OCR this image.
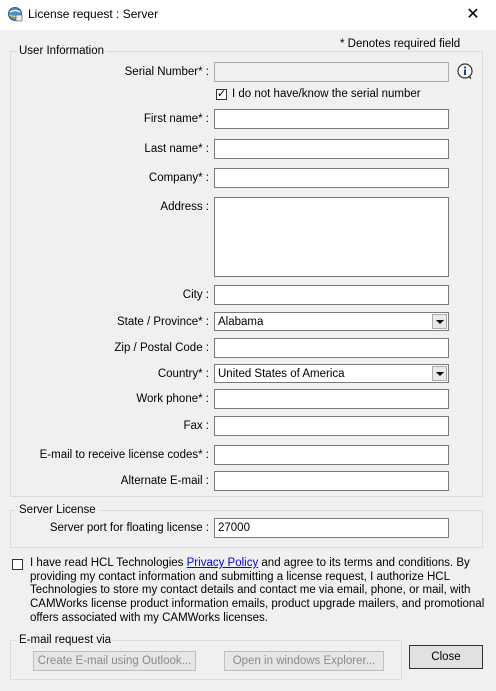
License request : Server	✕
* Denotes required field
User Information
Serial Number* :
✓ I do not have/know the serial number
First name* :
Last name* :
Company* :
Address :
City :
State / Province* : Alabama
Zip / Postal Code :
Country* : United States of America
Work phone* :
Fax :
E-mail to receive license codes* :
Alternate E-mail :
Server License
Server port for floating license : 27000
I have read HCL Technologies Privacy Policy and agree to its terms and conditions. By providing my contact information and submitting a license request, I authorize HCL Technologies to store my contact details and contact me via email, phone, or mail, with CAMWorks license product information emails, product upgrade mailers, and promotional offers associated with my CAMWorks licenses.
E-mail request via
Create E-mail using Outlook...	Open in windows Explorer...	Close
